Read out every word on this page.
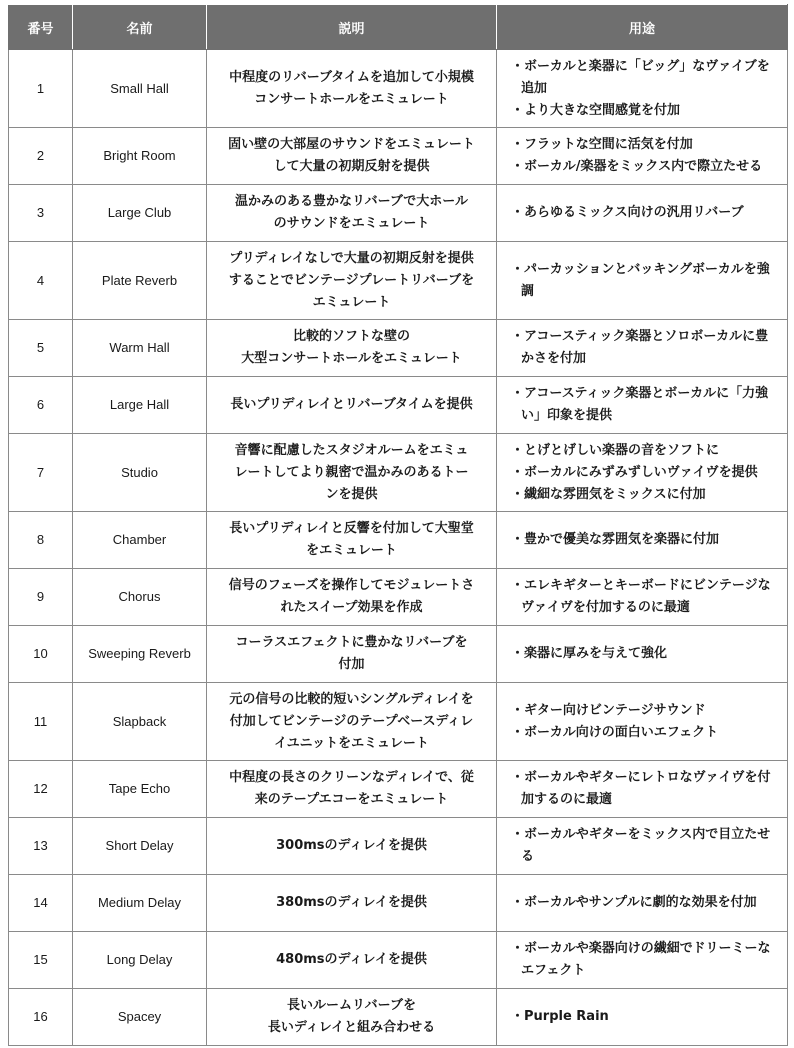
番号	名前	説明	用途
1	Small Hall	中程度のリバーブタイムを追加して小規模
コンサートホールをエミュレート	・ボーカルと楽器に「ビッグ」なヴァイブを追加
・より大きな空間感覚を付加

2	Bright Room	固い壁の大部屋のサウンドをエミュレート
して大量の初期反射を提供	・フラットな空間に活気を付加
・ボーカル/楽器をミックス内で際立たせる

3	Large Club	温かみのある豊かなリバーブで大ホール
のサウンドをエミュレート	・あらゆるミックス向けの汎用リバーブ

4	Plate Reverb	プリディレイなしで大量の初期反射を提供
することでビンテージプレートリバーブを
エミュレート	・パーカッションとバッキングボーカルを強調

5	Warm Hall	比較的ソフトな壁の
大型コンサートホールをエミュレート	・アコースティック楽器とソロボーカルに豊かさを付加

6	Large Hall	長いプリディレイとリバーブタイムを提供	・アコースティック楽器とボーカルに「力強い」印象を提供

7	Studio	音響に配慮したスタジオルームをエミュ
レートしてより親密で温かみのあるトー
ンを提供	・とげとげしい楽器の音をソフトに
・ボーカルにみずみずしいヴァイヴを提供
・繊細な雰囲気をミックスに付加

8	Chamber	長いプリディレイと反響を付加して大聖堂
をエミュレート	・豊かで優美な雰囲気を楽器に付加

9	Chorus	信号のフェーズを操作してモジュレートさ
れたスイープ効果を作成	・エレキギターとキーボードにビンテージなヴァイヴを付加するのに最適

10	Sweeping Reverb	コーラスエフェクトに豊かなリバーブを
付加	・楽器に厚みを与えて強化

11	Slapback	元の信号の比較的短いシングルディレイを
付加してビンテージのテープベースディレ
イユニットをエミュレート	・ギター向けビンテージサウンド
・ボーカル向けの面白いエフェクト

12	Tape Echo	中程度の長さのクリーンなディレイで、従
来のテープエコーをエミュレート	・ボーカルやギターにレトロなヴァイヴを付加するのに最適

13	Short Delay	300msのディレイを提供	・ボーカルやギターをミックス内で目立たせる

14	Medium Delay	380msのディレイを提供	・ボーカルやサンプルに劇的な効果を付加

15	Long Delay	480msのディレイを提供	・ボーカルや楽器向けの繊細でドリーミーなエフェクト

16	Spacey	長いルームリバーブを
長いディレイと組み合わせる	・Purple Rain
